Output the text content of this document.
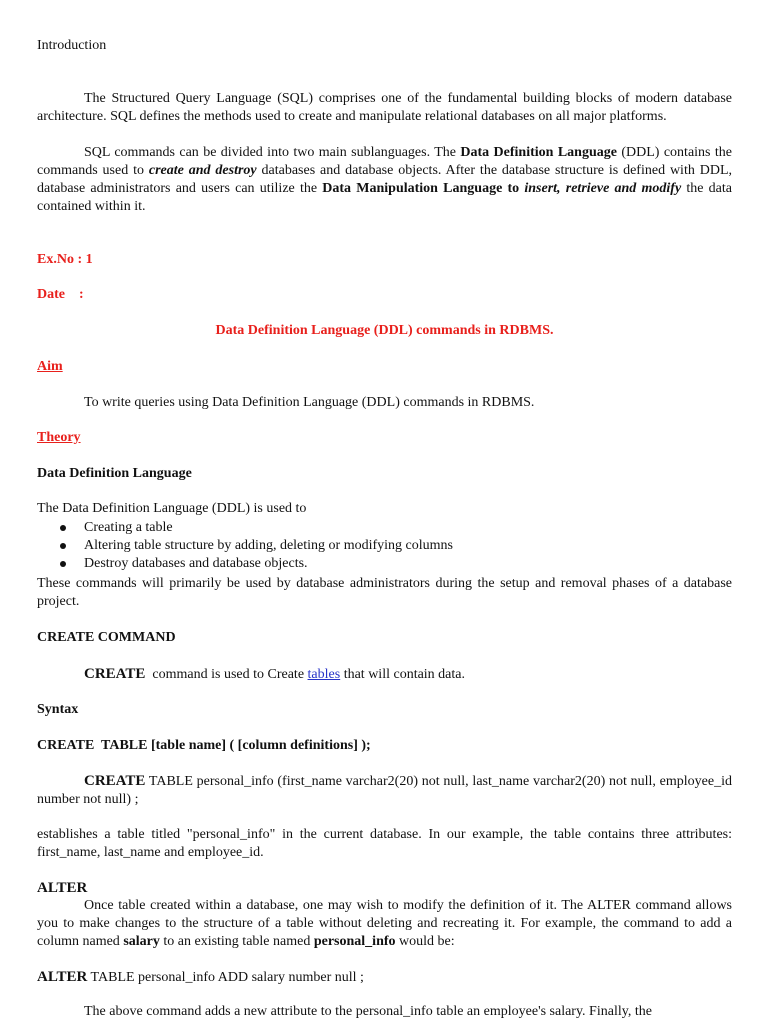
Introduction

The Structured Query Language (SQL) comprises one of the fundamental building blocks of modern database architecture. SQL defines the methods used to create and manipulate relational databases on all major platforms.

SQL commands can be divided into two main sublanguages. The Data Definition Language (DDL) contains the commands used to create and destroy databases and database objects. After the database structure is defined with DDL, database administrators and users can utilize the Data Manipulation Language to insert, retrieve and modify the data contained within it.

Ex.No : 1

Date    :

Data Definition Language (DDL) commands in RDBMS.

Aim

To write queries using Data Definition Language (DDL) commands in RDBMS.

Theory

Data Definition Language

The Data Definition Language (DDL) is used to

Creating a table
Altering table structure by adding, deleting or modifying columns
Destroy databases and database objects.

These commands will primarily be used by database administrators during the setup and removal phases of a database project.

CREATE COMMAND

CREATE  command is used to Create tables that will contain data.

Syntax

CREATE  TABLE [table name] ( [column definitions] );

CREATE TABLE personal_info (first_name varchar2(20) not null, last_name varchar2(20) not null, employee_id number not null) ;

establishes a table titled "personal_info" in the current database. In our example, the table contains three attributes: first_name, last_name and employee_id.

ALTER

Once table created within a database, one may wish to modify the definition of it. The ALTER command allows you to make changes to the structure of a table without deleting and recreating it. For example, the command to add a column named salary to an existing table named personal_info would be:

ALTER TABLE personal_info ADD salary number null ;

The above command adds a new attribute to the personal_info table an employee's salary. Finally, the
